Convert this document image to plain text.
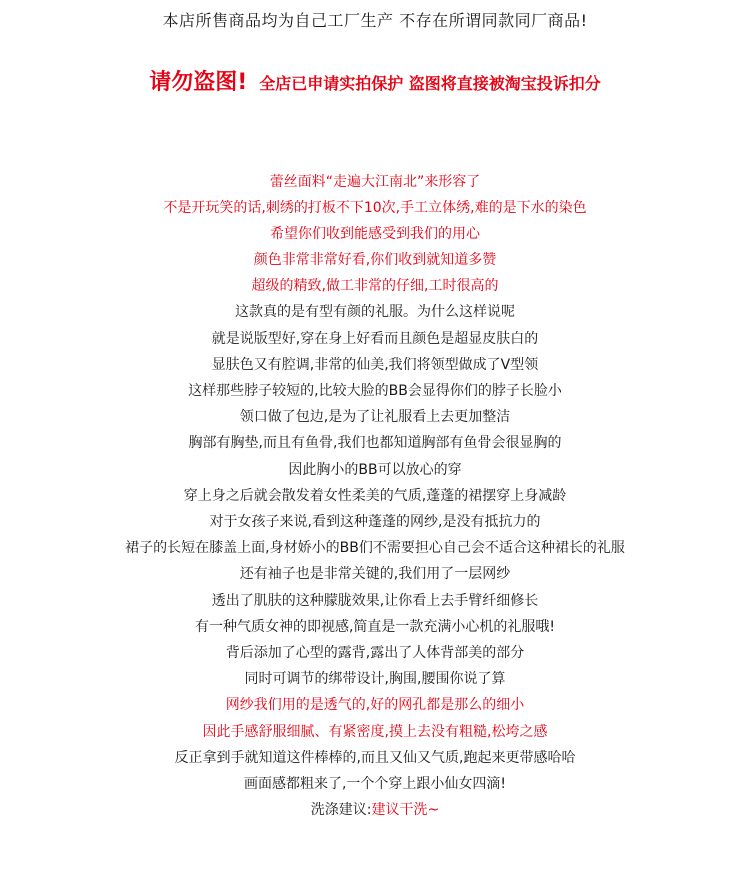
本店所售商品均为自己工厂生产 不存在所谓同款同厂商品!
请勿盗图! 全店已申请实拍保护 盗图将直接被淘宝投诉扣分
蕾丝面料“走遍大江南北”来形容了
不是开玩笑的话,刺绣的打板不下10次,手工立体绣,难的是下水的染色
希望你们收到能感受到我们的用心
颜色非常非常好看,你们收到就知道多赞
超级的精致,做工非常的仔细,工时很高的
这款真的是有型有颜的礼服。为什么这样说呢
就是说版型好,穿在身上好看而且颜色是超显皮肤白的
显肤色又有腔调,非常的仙美,我们将领型做成了V型领
这样那些脖子较短的,比较大脸的BB会显得你们的脖子长脸小
领口做了包边,是为了让礼服看上去更加整洁
胸部有胸垫,而且有鱼骨,我们也都知道胸部有鱼骨会很显胸的
因此胸小的BB可以放心的穿
穿上身之后就会散发着女性柔美的气质,蓬蓬的裙摆穿上身减龄
对于女孩子来说,看到这种蓬蓬的网纱,是没有抵抗力的
裙子的长短在膝盖上面,身材娇小的BB们不需要担心自己会不适合这种裙长的礼服
还有袖子也是非常关键的,我们用了一层网纱
透出了肌肤的这种朦胧效果,让你看上去手臂纤细修长
有一种气质女神的即视感,简直是一款充满小心机的礼服哦!
背后添加了心型的露背,露出了人体背部美的部分
同时可调节的绑带设计,胸围,腰围你说了算
网纱我们用的是透气的,好的网孔都是那么的细小
因此手感舒服细腻、有紧密度,摸上去没有粗糙,松垮之感
反正拿到手就知道这件棒棒的,而且又仙又气质,跑起来更带感哈哈
画面感都粗来了,一个个穿上跟小仙女四滴!
洗涤建议:建议干洗~
